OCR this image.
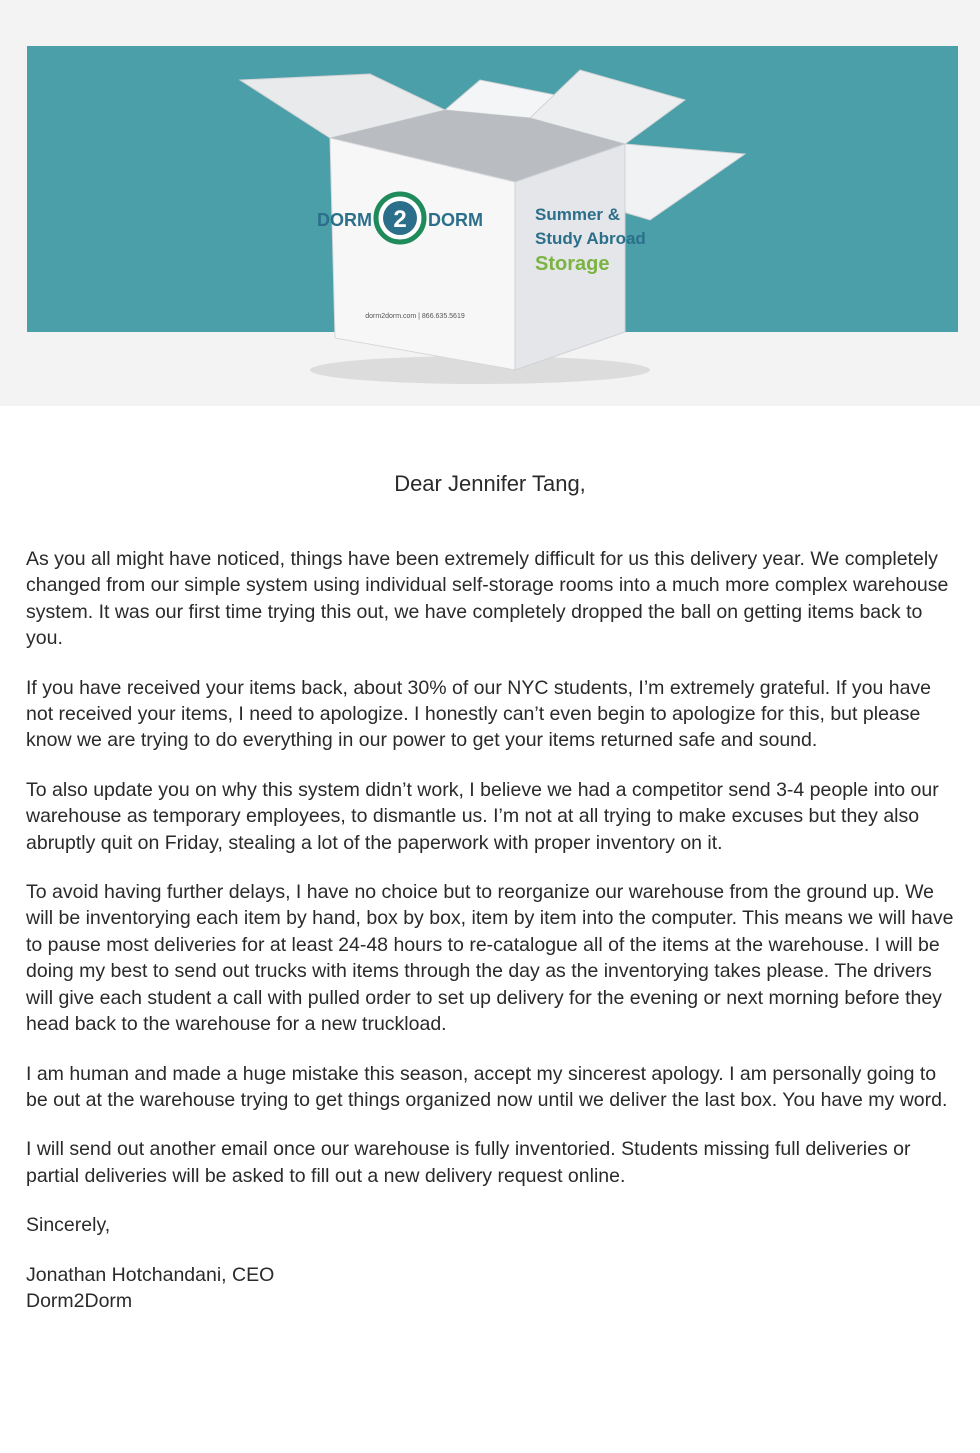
2
DORM	DORM
dorm2dorm.com | 866.635.5619
Summer &
Study Abroad
Storage
Dear Jennifer Tang,

As you all might have noticed, things have been extremely difficult for us this delivery year. We completely changed from our simple system using individual self-storage rooms into a much more complex warehouse system. It was our first time trying this out, we have completely dropped the ball on getting items back to you.

If you have received your items back, about 30% of our NYC students, I’m extremely grateful. If you have not received your items, I need to apologize. I honestly can’t even begin to apologize for this, but please know we are trying to do everything in our power to get your items returned safe and sound.

To also update you on why this system didn’t work, I believe we had a competitor send 3-4 people into our warehouse as temporary employees, to dismantle us. I’m not at all trying to make excuses but they also abruptly quit on Friday, stealing a lot of the paperwork with proper inventory on it.

To avoid having further delays, I have no choice but to reorganize our warehouse from the ground up. We will be inventorying each item by hand, box by box, item by item into the computer. This means we will have to pause most deliveries for at least 24-48 hours to re-catalogue all of the items at the warehouse. I will be doing my best to send out trucks with items through the day as the inventorying takes please. The drivers will give each student a call with pulled order to set up delivery for the evening or next morning before they head back to the warehouse for a new truckload.

I am human and made a huge mistake this season, accept my sincerest apology. I am personally going to be out at the warehouse trying to get things organized now until we deliver the last box. You have my word.

I will send out another email once our warehouse is fully inventoried. Students missing full deliveries or partial deliveries will be asked to fill out a new delivery request online.

Sincerely,

Jonathan Hotchandani, CEO
Dorm2Dorm
